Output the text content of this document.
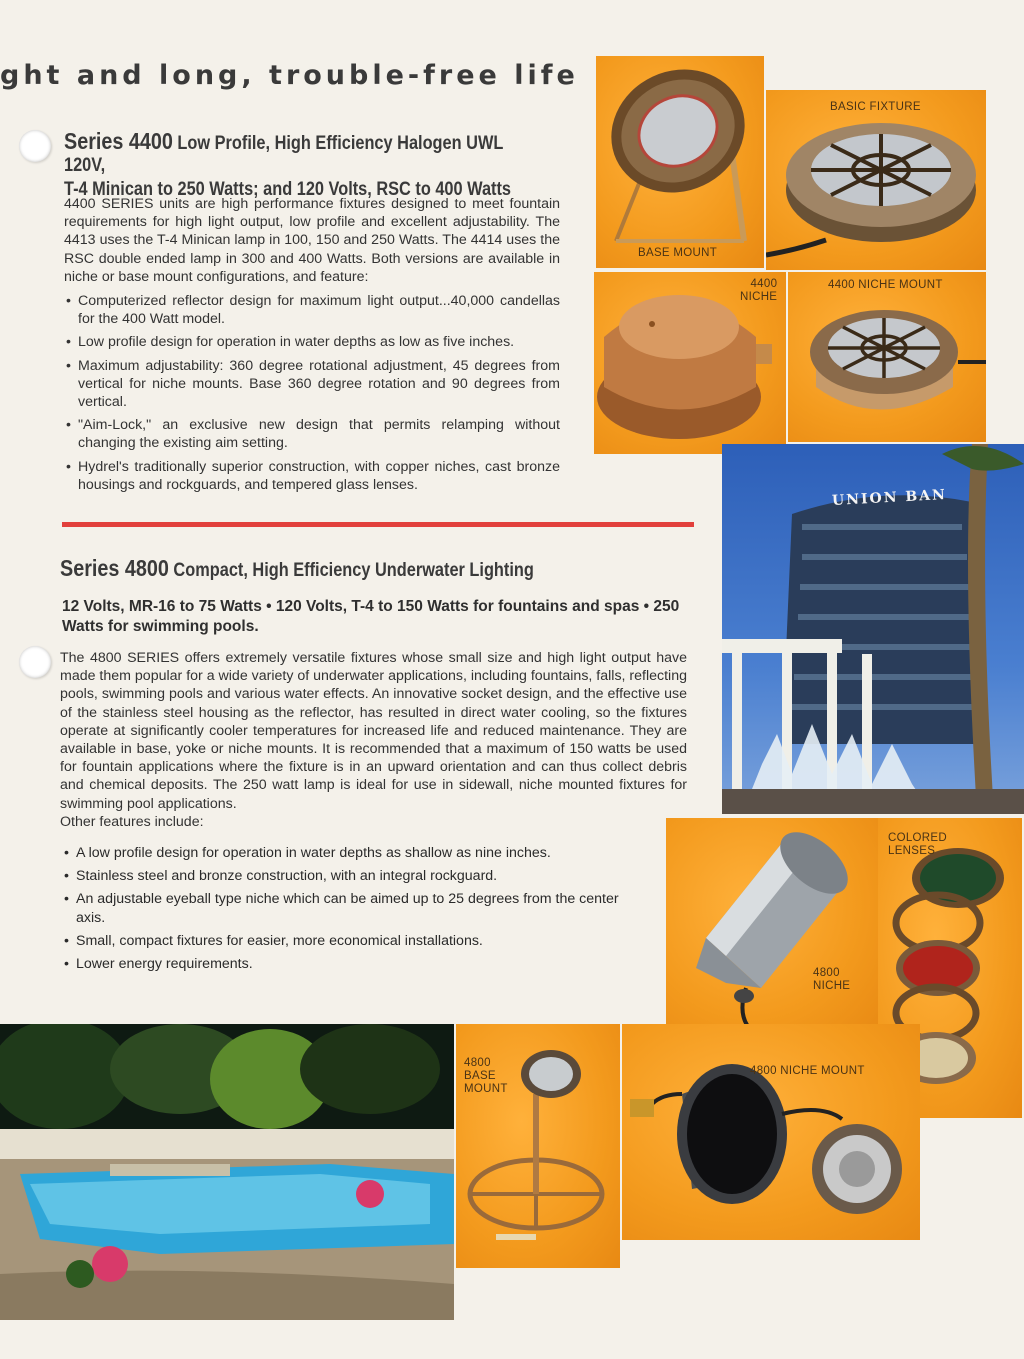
ght and long, trouble-free life
Series 4400 Low Profile, High Efficiency Halogen UWL 120V,
T-4 Minican to 250 Watts; and 120 Volts, RSC to 400 Watts

4400 SERIES units are high performance fixtures designed to meet fountain requirements for high light output, low profile and excellent adjustability. The 4413 uses the T-4 Minican lamp in 100, 150 and 250 Watts. The 4414 uses the RSC double ended lamp in 300 and 400 Watts. Both versions are available in niche or base mount configurations, and feature:

• Computerized reflector design for maximum light output...40,000 candellas for the 400 Watt model.
• Low profile design for operation in water depths as low as five inches.
• Maximum adjustability: 360 degree rotational adjustment, 45 degrees from vertical for niche mounts. Base 360 degree rotation and 90 degrees from vertical.
• "Aim-Lock," an exclusive new design that permits relamping without changing the existing aim setting.
• Hydrel's traditionally superior construction, with copper niches, cast bronze housings and rockguards, and tempered glass lenses.
Series 4800 Compact, High Efficiency Underwater Lighting
12 Volts, MR-16 to 75 Watts • 120 Volts, T-4 to 150 Watts for fountains and spas • 250 Watts for swimming pools.

The 4800 SERIES offers extremely versatile fixtures whose small size and high light output have made them popular for a wide variety of underwater applications, including fountains, falls, reflecting pools, swimming pools and various water effects. An innovative socket design, and the effective use of the stainless steel housing as the reflector, has resulted in direct water cooling, so the fixtures operate at significantly cooler temperatures for increased life and reduced maintenance. They are available in base, yoke or niche mounts. It is recommended that a maximum of 150 watts be used for fountain applications where the fixture is in an upward orientation and can thus collect debris and chemical deposits. The 250 watt lamp is ideal for use in sidewall, niche mounted fixtures for swimming pool applications.

Other features include:

• A low profile design for operation in water depths as shallow as nine inches.
• Stainless steel and bronze construction, with an integral rockguard.
• An adjustable eyeball type niche which can be aimed up to 25 degrees from the center axis.
• Small, compact fixtures for easier, more economical installations.
• Lower energy requirements.
BASE MOUNT
BASIC FIXTURE
4400
NICHE
4400 NICHE MOUNT
UNION BAN
4800
NICHE
COLORED
LENSES
4800
BASE
MOUNT
4800 NICHE MOUNT
